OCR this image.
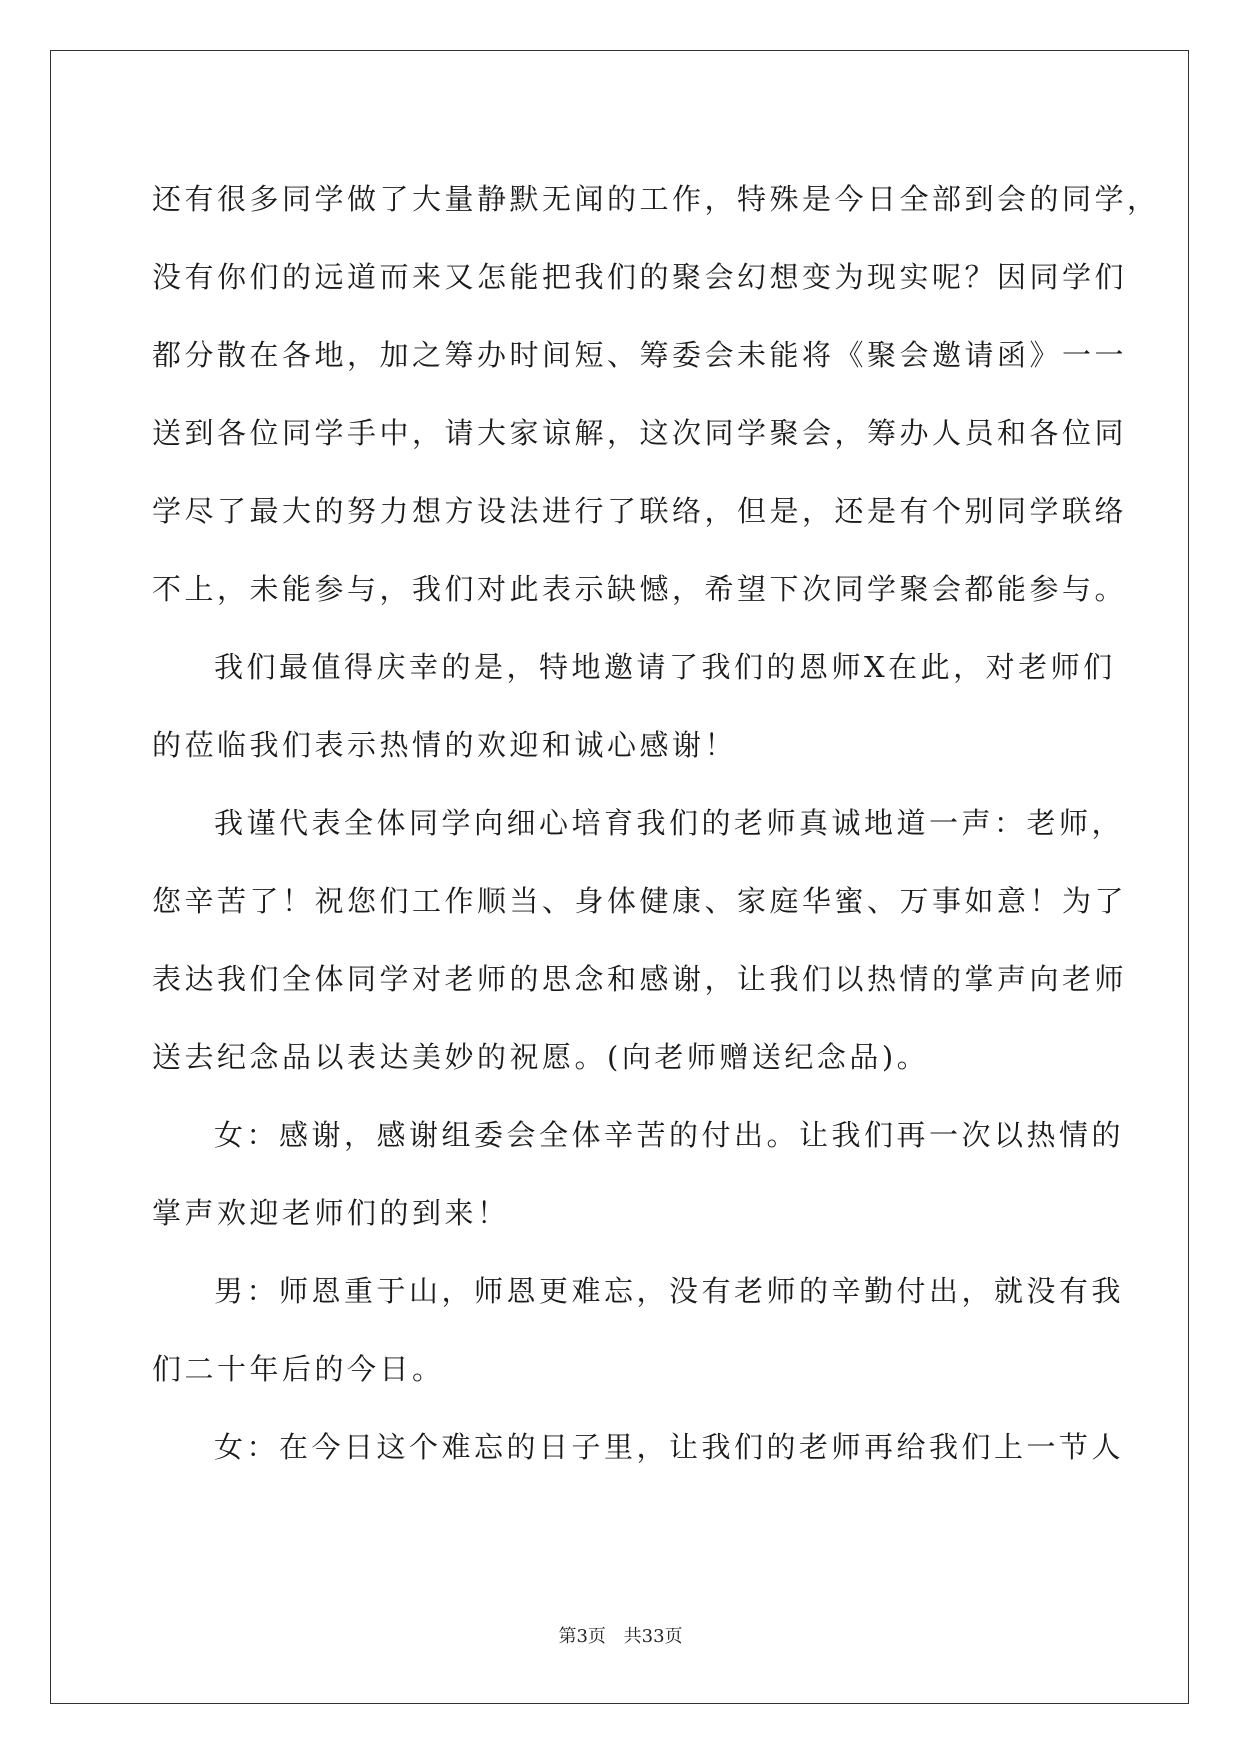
还有很多同学做了大量静默无闻的工作，特殊是今日全部到会的同学，
没有你们的远道而来又怎能把我们的聚会幻想变为现实呢？因同学们
都分散在各地，加之筹办时间短、筹委会未能将《聚会邀请函》一一
送到各位同学手中，请大家谅解，这次同学聚会，筹办人员和各位同
学尽了最大的努力想方设法进行了联络，但是，还是有个别同学联络
不上，未能参与，我们对此表示缺憾，希望下次同学聚会都能参与。
我们最值得庆幸的是，特地邀请了我们的恩师X在此，对老师们
的莅临我们表示热情的欢迎和诚心感谢！
我谨代表全体同学向细心培育我们的老师真诚地道一声：老师，
您辛苦了！祝您们工作顺当、身体健康、家庭华蜜、万事如意！为了
表达我们全体同学对老师的思念和感谢，让我们以热情的掌声向老师
送去纪念品以表达美妙的祝愿。(向老师赠送纪念品)。
女：感谢，感谢组委会全体辛苦的付出。让我们再一次以热情的
掌声欢迎老师们的到来！
男：师恩重于山，师恩更难忘，没有老师的辛勤付出，就没有我
们二十年后的今日。
女：在今日这个难忘的日子里，让我们的老师再给我们上一节人
第3页 共33页
